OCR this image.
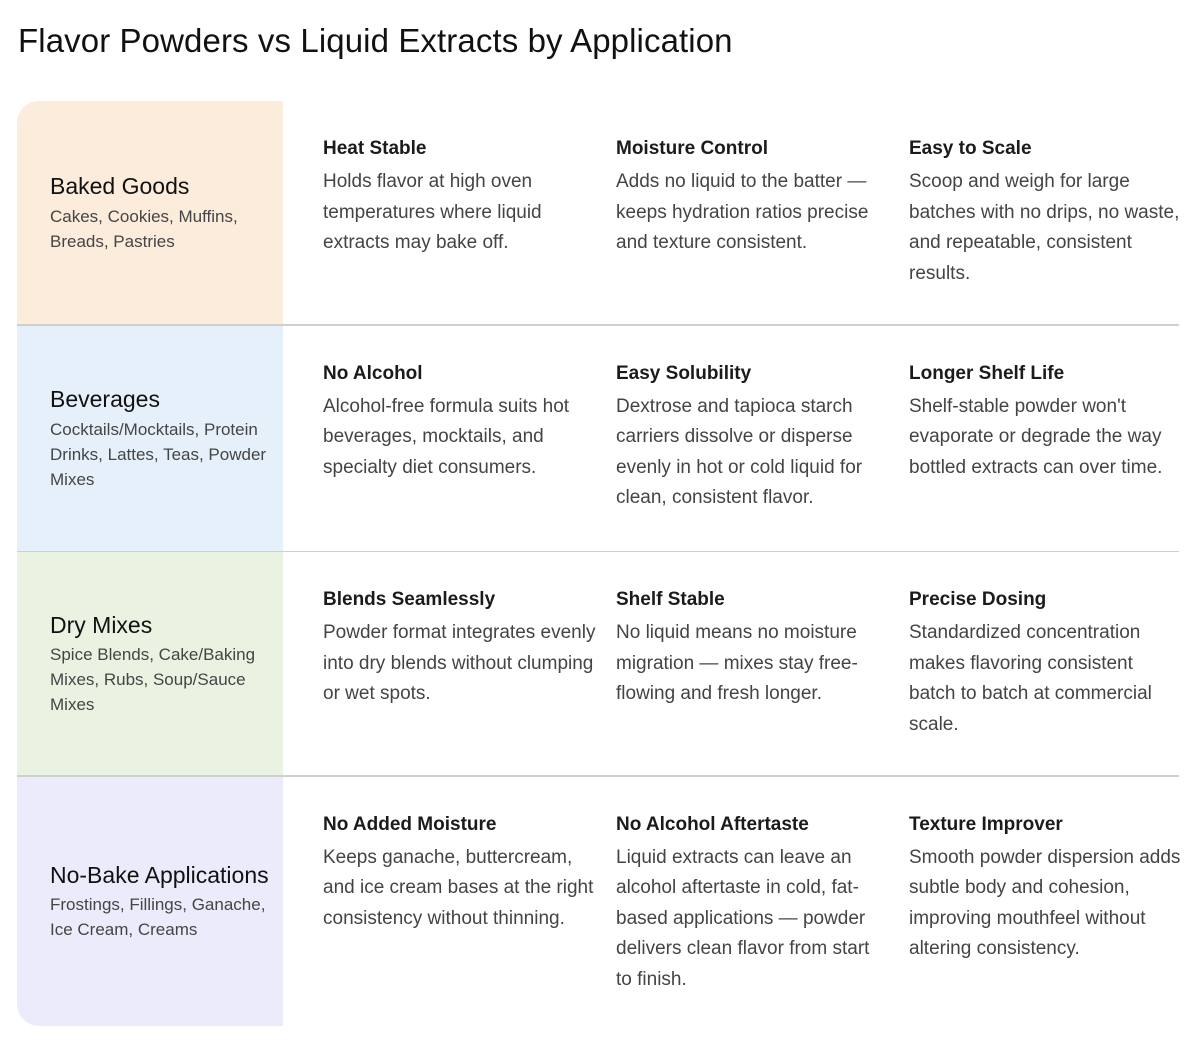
Flavor Powders vs Liquid Extracts by Application
Baked Goods
Cakes, Cookies, Muffins, Breads, Pastries
Heat Stable
Holds flavor at high oven temperatures where liquid extracts may bake off.
Moisture Control
Adds no liquid to the batter — keeps hydration ratios precise and texture consistent.
Easy to Scale
Scoop and weigh for large batches with no drips, no waste, and repeatable, consistent results.
Beverages
Cocktails/Mocktails, Protein Drinks, Lattes, Teas, Powder Mixes
No Alcohol
Alcohol-free formula suits hot beverages, mocktails, and specialty diet consumers.
Easy Solubility
Dextrose and tapioca starch carriers dissolve or disperse evenly in hot or cold liquid for clean, consistent flavor.
Longer Shelf Life
Shelf-stable powder won't evaporate or degrade the way bottled extracts can over time.
Dry Mixes
Spice Blends, Cake/Baking Mixes, Rubs, Soup/Sauce Mixes
Blends Seamlessly
Powder format integrates evenly into dry blends without clumping or wet spots.
Shelf Stable
No liquid means no moisture migration — mixes stay free-flowing and fresh longer.
Precise Dosing
Standardized concentration makes flavoring consistent batch to batch at commercial scale.
No-Bake Applications
Frostings, Fillings, Ganache, Ice Cream, Creams
No Added Moisture
Keeps ganache, buttercream, and ice cream bases at the right consistency without thinning.
No Alcohol Aftertaste
Liquid extracts can leave an alcohol aftertaste in cold, fat-based applications — powder delivers clean flavor from start to finish.
Texture Improver
Smooth powder dispersion adds subtle body and cohesion, improving mouthfeel without altering consistency.
